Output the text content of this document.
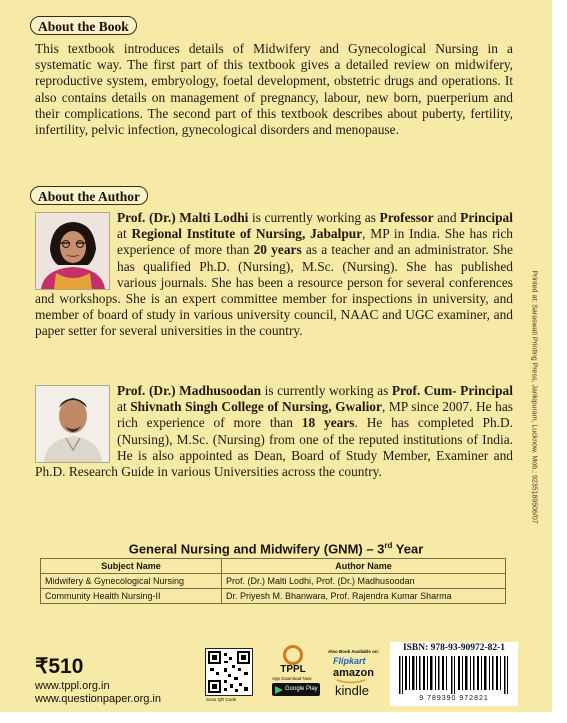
About the Book
This textbook introduces details of Midwifery and Gynecological Nursing in a systematic way. The first part of this textbook gives a detailed review on midwifery, reproductive system, embryology, foetal development, obstetric drugs and operations. It also contains details on management of pregnancy, labour, new born, puerperium and their complications. The second part of this textbook describes about puberty, fertility, infertility, pelvic infection, gynecological disorders and menopause.
About the Author
Prof. (Dr.) Malti Lodhi is currently working as Professor and Principal at Regional Institute of Nursing, Jabalpur, MP in India. She has rich experience of more than 20 years as a teacher and an administrator. She has qualified Ph.D. (Nursing), M.Sc. (Nursing). She has published various journals. She has been a resource person for several conferences and workshops. She is an expert committee member for inspections in university, and member of board of study in various university council, NAAC and UGC examiner, and paper setter for several universities in the country.
Prof. (Dr.) Madhusoodan is currently working as Prof. Cum- Principal at Shivnath Singh College of Nursing, Gwalior, MP since 2007. He has rich experience of more than 18 years. He has completed Ph.D. (Nursing), M.Sc. (Nursing) from one of the reputed institutions of India. He is also appointed as Dean, Board of Study Member, Examiner and Ph.D. Research Guide in various Universities across the country.	Printed at: Saraswati Printing Press, Jankipuram, Lucknow. Mob.: 9235189506/07
General Nursing and Midwifery (GNM) – 3rd Year
Subject Name	Author Name
Midwifery & Gynecological Nursing	Prof. (Dr.) Malti Lodhi, Prof. (Dr.) Madhusoodan
Community Health Nursing-II	Dr. Priyesh M. Bhanwara, Prof. Rajendra Kumar Sharma
₹510
www.tppl.org.in
www.questionpaper.org.in	Scan QR Code
TPPL
App Download Now
Google Play
Also Book Available on:
Flipkart
amazon
kindle
ISBN: 978-93-90972-82-1
9 789390 972821
